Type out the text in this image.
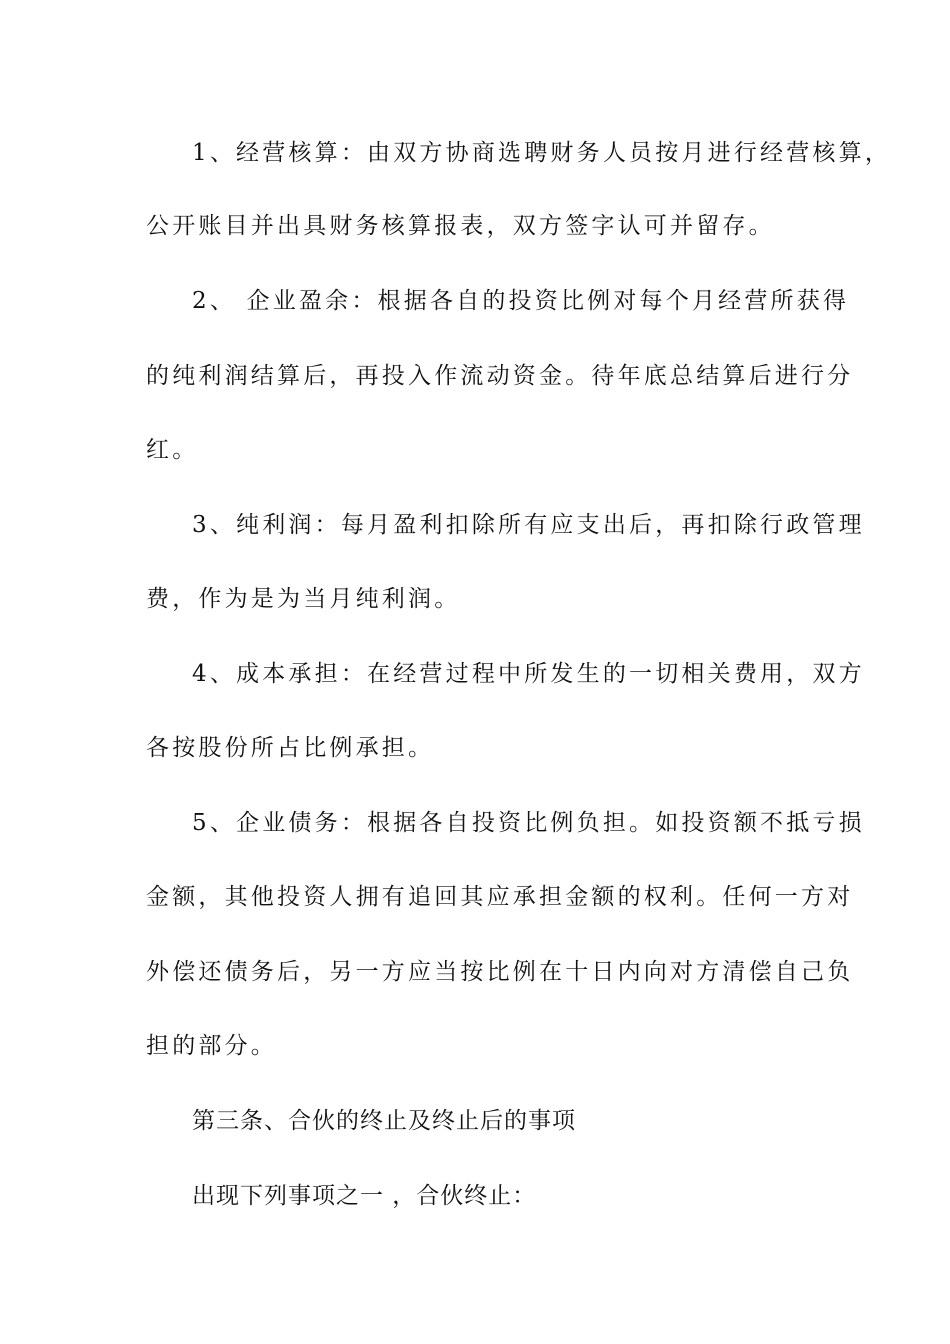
1、经营核算：由双方协商选聘财务人员按月进行经营核算，
公开账目并出具财务核算报表，双方签字认可并留存。
2、 企业盈余：根据各自的投资比例对每个月经营所获得
的纯利润结算后，再投入作流动资金。待年底总结算后进行分
红。
3、纯利润：每月盈利扣除所有应支出后，再扣除行政管理
费，作为是为当月纯利润。
4、成本承担：在经营过程中所发生的一切相关费用，双方
各按股份所占比例承担。
5、企业债务：根据各自投资比例负担。如投资额不抵亏损
金额，其他投资人拥有追回其应承担金额的权利。任何一方对
外偿还债务后，另一方应当按比例在十日内向对方清偿自己负
担的部分。
第三条、合伙的终止及终止后的事项
出现下列事项之一 ，合伙终止：
